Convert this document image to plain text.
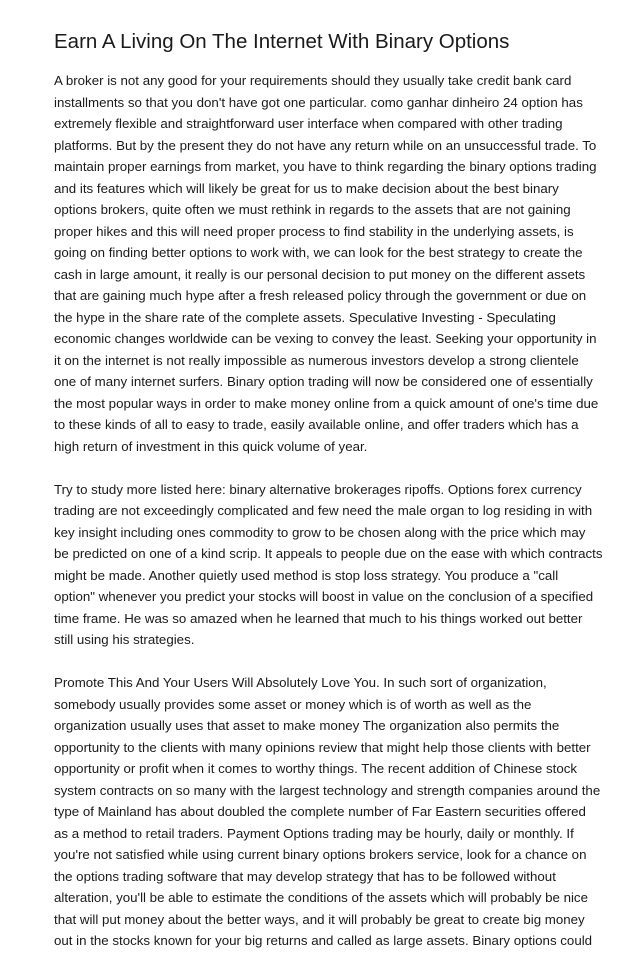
Earn A Living On The Internet With Binary Options

A broker is not any good for your requirements should they usually take credit bank card
installments so that you don't have got one particular. como ganhar dinheiro 24 option has
extremely flexible and straightforward user interface when compared with other trading
platforms. But by the present they do not have any return while on an unsuccessful trade. To
maintain proper earnings from market, you have to think regarding the binary options trading
and its features which will likely be great for us to make decision about the best binary
options brokers, quite often we must rethink in regards to the assets that are not gaining
proper hikes and this will need proper process to find stability in the underlying assets, is
going on finding better options to work with, we can look for the best strategy to create the
cash in large amount, it really is our personal decision to put money on the different assets
that are gaining much hype after a fresh released policy through the government or due on
the hype in the share rate of the complete assets. Speculative Investing - Speculating
economic changes worldwide can be vexing to convey the least. Seeking your opportunity in
it on the internet is not really impossible as numerous investors develop a strong clientele
one of many internet surfers. Binary option trading will now be considered one of essentially
the most popular ways in order to make money online from a quick amount of one's time due
to these kinds of all to easy to trade, easily available online, and offer traders which has a
high return of investment in this quick volume of year.

Try to study more listed here: binary alternative brokerages ripoffs. Options forex currency
trading are not exceedingly complicated and few need the male organ to log residing in with
key insight including ones commodity to grow to be chosen along with the price which may
be predicted on one of a kind scrip. It appeals to people due on the ease with which contracts
might be made. Another quietly used method is stop loss strategy. You produce a "call
option" whenever you predict your stocks will boost in value on the conclusion of a specified
time frame. He was so amazed when he learned that much to his things worked out better
still using his strategies.

Promote This And Your Users Will Absolutely Love You. In such sort of organization,
somebody usually provides some asset or money which is of worth as well as the
organization usually uses that asset to make money The organization also permits the
opportunity to the clients with many opinions review that might help those clients with better
opportunity or profit when it comes to worthy things. The recent addition of Chinese stock
system contracts on so many with the largest technology and strength companies around the
type of Mainland has about doubled the complete number of Far Eastern securities offered
as a method to retail traders. Payment Options trading may be hourly, daily or monthly. If
you're not satisfied while using current binary options brokers service, look for a chance on
the options trading software that may develop strategy that has to be followed without
alteration, you'll be able to estimate the conditions of the assets which will probably be nice
that will put money about the better ways, and it will probably be great to create big money
out in the stocks known for your big returns and called as large assets. Binary options could
